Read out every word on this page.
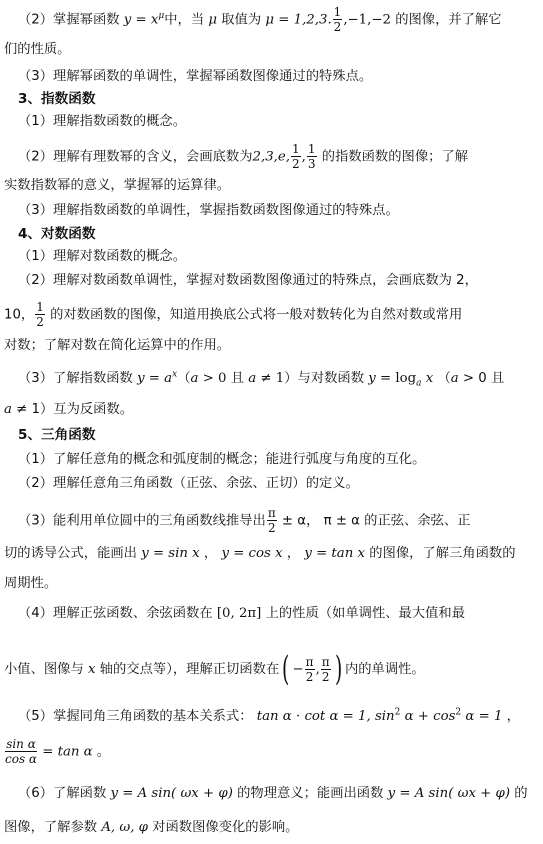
（2）掌握幂函数 $y = x^\mu$中，当 μ 取值为 μ = 1,2,3. $\frac{1}{2} ,-1,-2$ 的图像，并了解它
们的性质。
（3）理解幂函数的单调性，掌握幂函数图像通过的特殊点。
3、指数函数
（1）理解指数函数的概念。
（2）理解有理数幂的含义，会画底数为2,3,e, $\frac{1}{2}$ , $\frac{1}{3}$ 的指数函数的图像；了解
实数指数幂的意义，掌握幂的运算律。
（3）理解指数函数的单调性，掌握指数函数图像通过的特殊点。
4、对数函数
（1）理解对数函数的概念。
（2）理解对数函数单调性，掌握对数函数图像通过的特殊点，会画底数为 2，
10， $\frac{1}{2}$ 的对数函数的图像，知道用换底公式将一般对数转化为自然对数或常用
对数；了解对数在简化运算中的作用。
（3）了解指数函数 $y = a^x(a > 0$ 且 a ≠ 1）与对数函数 $y = \log_a x$ （a > 0 且
a ≠ 1）互为反函数。
5、三角函数
（1）了解任意角的概念和弧度制的概念；能进行弧度与角度的互化。
（2）理解任意角三角函数（正弦、余弦、正切）的定义。
（3）能利用单位圆中的三角函数线推导出 $\frac{\pi}{2} \pm \alpha$， π ± α 的正弦、余弦、正
切的诱导公式，能画出 y = sin x ， y = cos x ， y = tan x 的图像，了解三角函数的
周期性。
（4）理解正弦函数、余弦函数在 [0, 2π] 上的性质（如单调性、最大值和最
小值、图像与 x 轴的交点等），理解正切函数在( − $\frac{\pi}{2}$ , $\frac{\pi}{2}$ ) 内的单调性。
（5）掌握同角三角函数的基本关系式： tan α · cot α = 1, $\sin^2 \alpha + \cos^2 \alpha = 1$ ，
$\frac{\text{sin α}}{\text{cos α}} = \tan \alpha$ 。
（6）了解函数 y = A sin( ωx + φ) 的物理意义；能画出函数 y = A sin( ωx + φ) 的
图像，了解参数 A, ω, φ 对函数图像变化的影响。
